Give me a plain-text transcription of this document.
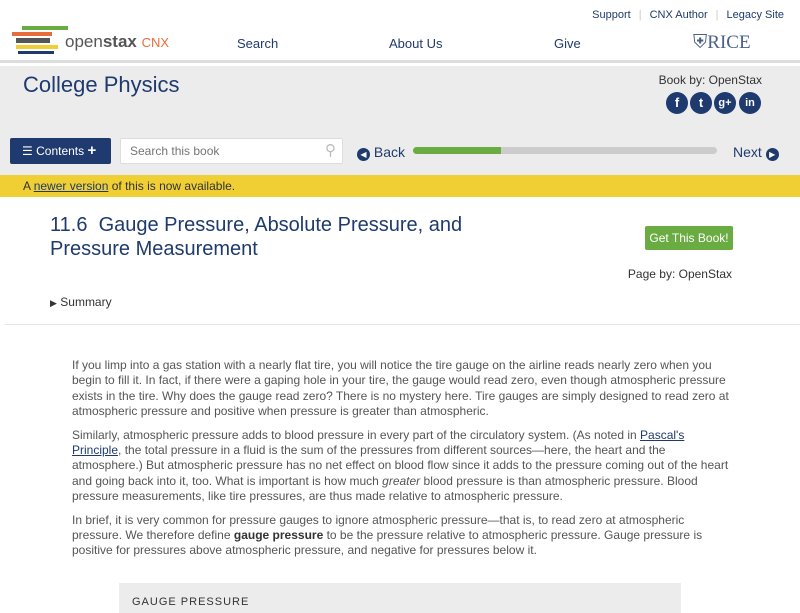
Support | CNX Author | Legacy Site
openstax CNX	Search	About Us	Give	⛨RICE
College Physics	Book by: OpenStax
f	t	g+	in
☰ Contents +
Search this book	⚲	◀ Back	Next ▶
A newer version of this is now available.
11.6 Gauge Pressure, Absolute Pressure, and Pressure Measurement	Get This Book!
Page by: OpenStax
▶ Summary

If you limp into a gas station with a nearly flat tire, you will notice the tire gauge on the airline reads nearly zero when you begin to fill it. In fact, if there were a gaping hole in your tire, the gauge would read zero, even though atmospheric pressure exists in the tire. Why does the gauge read zero? There is no mystery here. Tire gauges are simply designed to read zero at atmospheric pressure and positive when pressure is greater than atmospheric.

Similarly, atmospheric pressure adds to blood pressure in every part of the circulatory system. (As noted in Pascal's Principle, the total pressure in a fluid is the sum of the pressures from different sources—here, the heart and the atmosphere.) But atmospheric pressure has no net effect on blood flow since it adds to the pressure coming out of the heart and going back into it, too. What is important is how much greater blood pressure is than atmospheric pressure. Blood pressure measurements, like tire pressures, are thus made relative to atmospheric pressure.

In brief, it is very common for pressure gauges to ignore atmospheric pressure—that is, to read zero at atmospheric pressure. We therefore define gauge pressure to be the pressure relative to atmospheric pressure. Gauge pressure is positive for pressures above atmospheric pressure, and negative for pressures below it.

GAUGE PRESSURE
